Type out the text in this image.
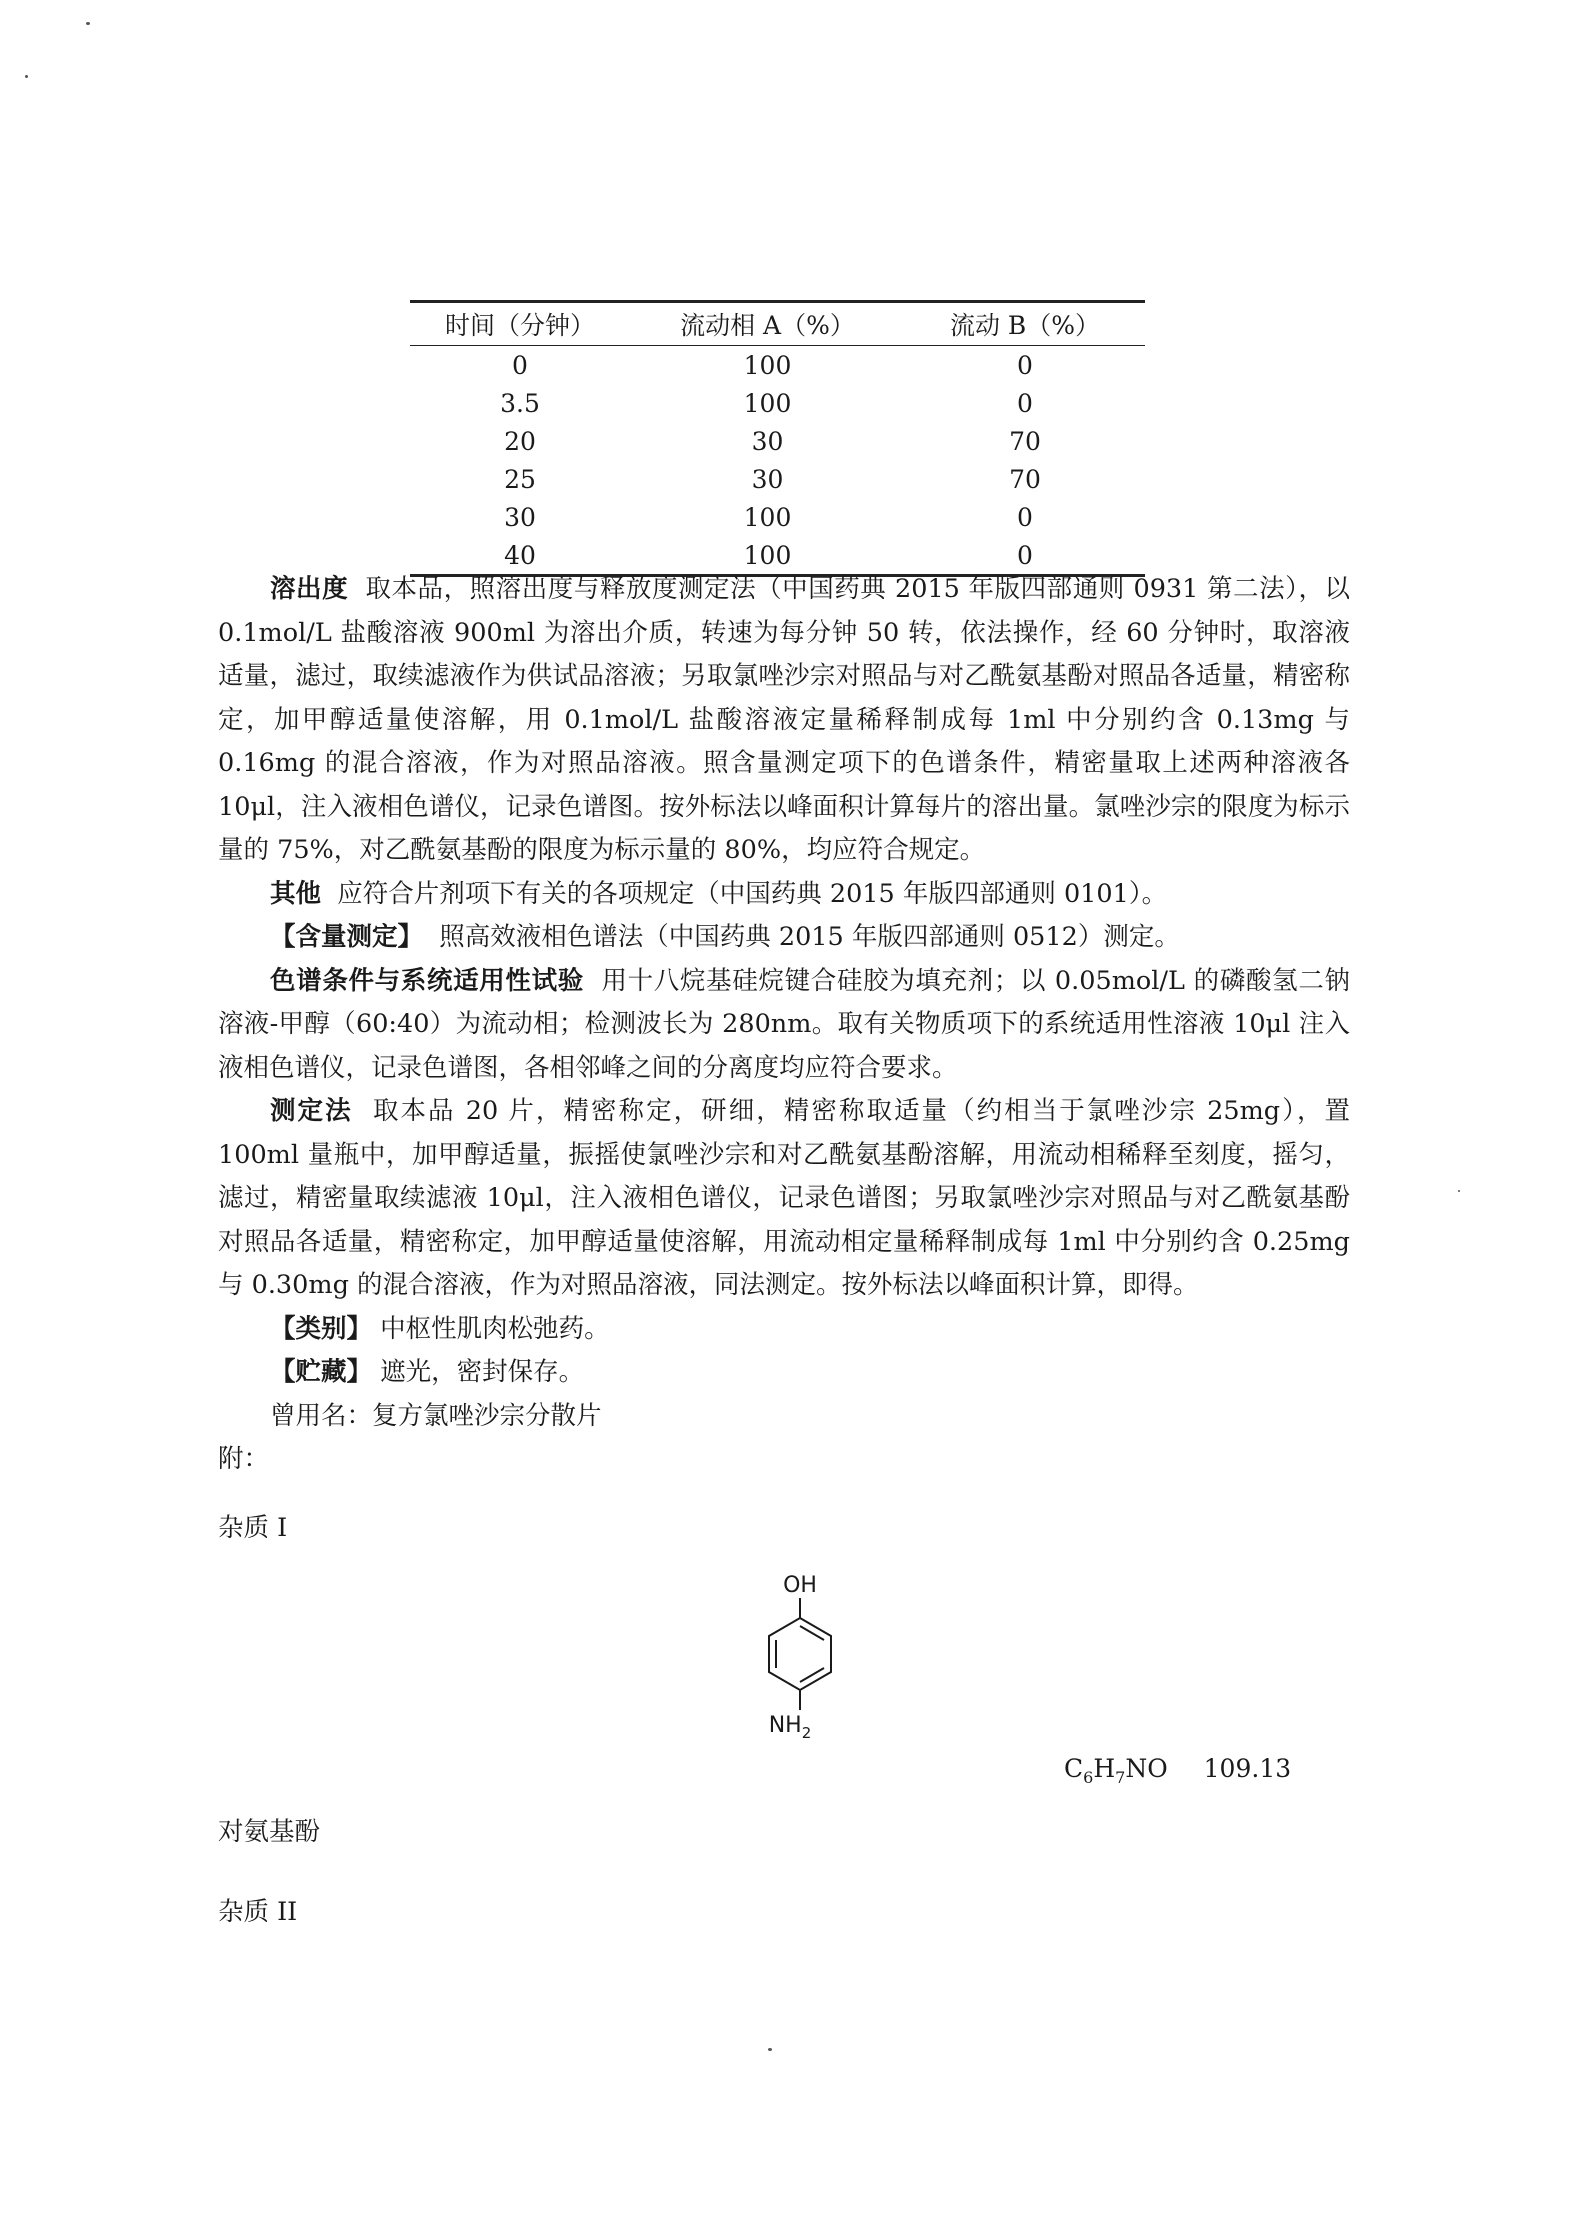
时间（分钟）	流动相 A（%）	流动 B（%）
0	100	0
3.5	100	0
20	30	70
25	30	70
30	100	0
40	100	0

溶出度 取本品，照溶出度与释放度测定法（中国药典 2015 年版四部通则 0931 第二法），以 0.1mol/L 盐酸溶液 900ml 为溶出介质，转速为每分钟 50 转，依法操作，经 60 分钟时，取溶液适量，滤过，取续滤液作为供试品溶液；另取氯唑沙宗对照品与对乙酰氨基酚对照品各适量，精密称定，加甲醇适量使溶解，用 0.1mol/L 盐酸溶液定量稀释制成每 1ml 中分别约含 0.13mg 与 0.16mg 的混合溶液，作为对照品溶液。照含量测定项下的色谱条件，精密量取上述两种溶液各 10μl，注入液相色谱仪，记录色谱图。按外标法以峰面积计算每片的溶出量。氯唑沙宗的限度为标示量的 75%，对乙酰氨基酚的限度为标示量的 80%，均应符合规定。

其他 应符合片剂项下有关的各项规定（中国药典 2015 年版四部通则 0101）。

【含量测定】 照高效液相色谱法（中国药典 2015 年版四部通则 0512）测定。

色谱条件与系统适用性试验 用十八烷基硅烷键合硅胶为填充剂；以 0.05mol/L 的磷酸氢二钠溶液-甲醇（60:40）为流动相；检测波长为 280nm。取有关物质项下的系统适用性溶液 10μl 注入液相色谱仪，记录色谱图，各相邻峰之间的分离度均应符合要求。

测定法 取本品 20 片，精密称定，研细，精密称取适量（约相当于氯唑沙宗 25mg），置 100ml 量瓶中，加甲醇适量，振摇使氯唑沙宗和对乙酰氨基酚溶解，用流动相稀释至刻度，摇匀，滤过，精密量取续滤液 10μl，注入液相色谱仪，记录色谱图；另取氯唑沙宗对照品与对乙酰氨基酚对照品各适量，精密称定，加甲醇适量使溶解，用流动相定量稀释制成每 1ml 中分别约含 0.25mg 与 0.30mg 的混合溶液，作为对照品溶液，同法测定。按外标法以峰面积计算，即得。

【类别】 中枢性肌肉松弛药。

【贮藏】 遮光，密封保存。

曾用名：复方氯唑沙宗分散片

附：

杂质 I
OH
$NH_2$
$C_6H_7NO$ 109.13
对氨基酚
杂质 II
